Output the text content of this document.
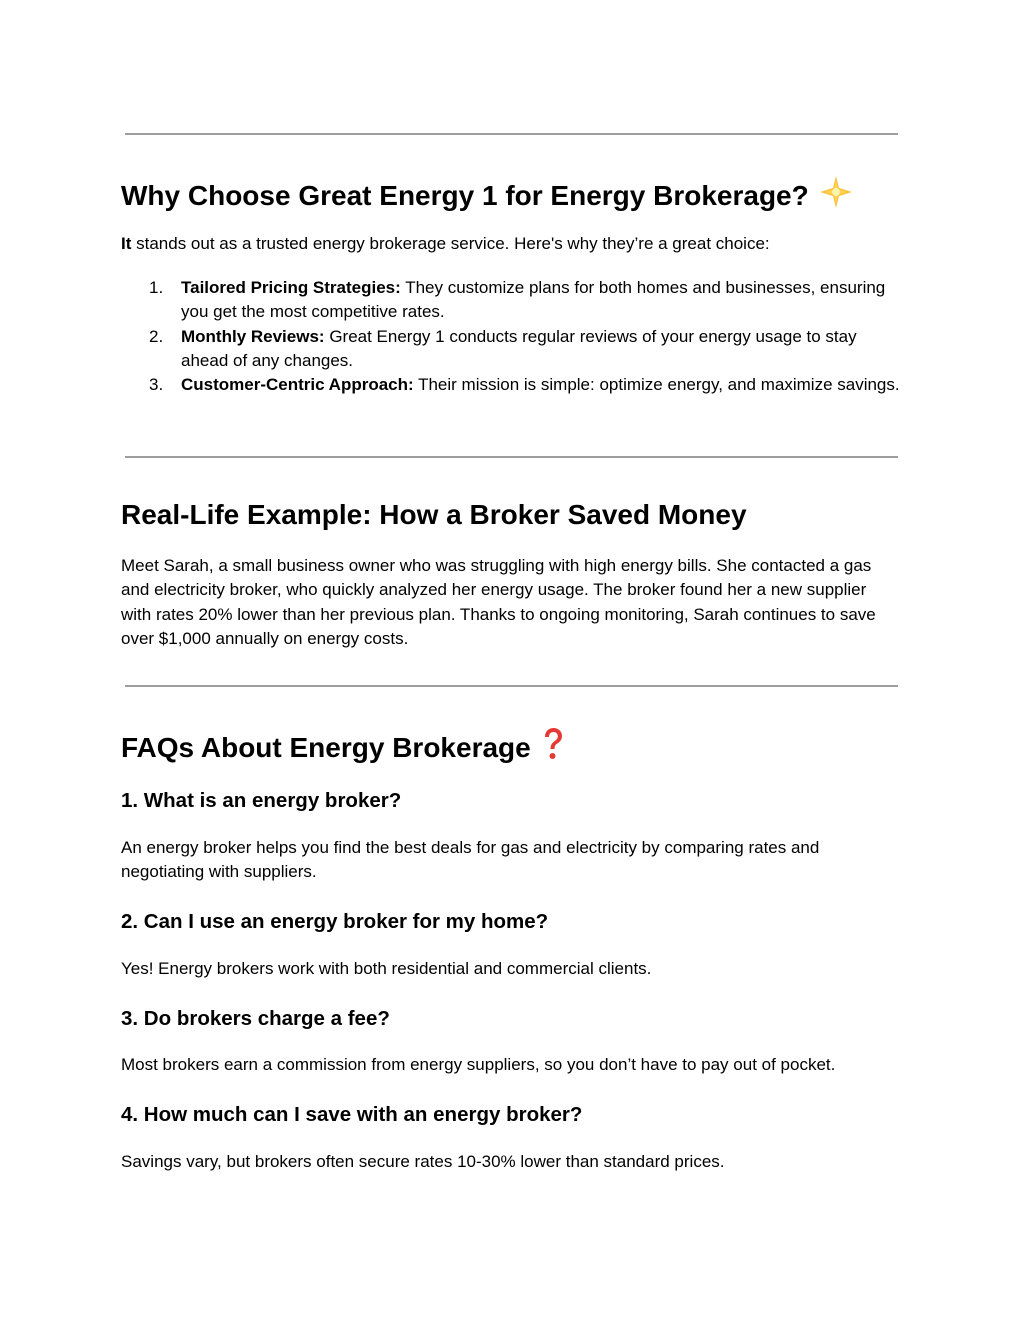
Why Choose Great Energy 1 for Energy Brokerage?

It stands out as a trusted energy brokerage service. Here's why they’re a great choice:

1. Tailored Pricing Strategies: They customize plans for both homes and businesses, ensuring you get the most competitive rates.
2. Monthly Reviews: Great Energy 1 conducts regular reviews of your energy usage to stay ahead of any changes.
3. Customer-Centric Approach: Their mission is simple: optimize energy, and maximize savings.
Real-Life Example: How a Broker Saved Money

Meet Sarah, a small business owner who was struggling with high energy bills. She contacted a gas and electricity broker, who quickly analyzed her energy usage. The broker found her a new supplier with rates 20% lower than her previous plan. Thanks to ongoing monitoring, Sarah continues to save over $1,000 annually on energy costs.

FAQs About Energy Brokerage
1. What is an energy broker?

An energy broker helps you find the best deals for gas and electricity by comparing rates and negotiating with suppliers.

2. Can I use an energy broker for my home?

Yes! Energy brokers work with both residential and commercial clients.

3. Do brokers charge a fee?

Most brokers earn a commission from energy suppliers, so you don’t have to pay out of pocket.

4. How much can I save with an energy broker?

Savings vary, but brokers often secure rates 10-30% lower than standard prices.
